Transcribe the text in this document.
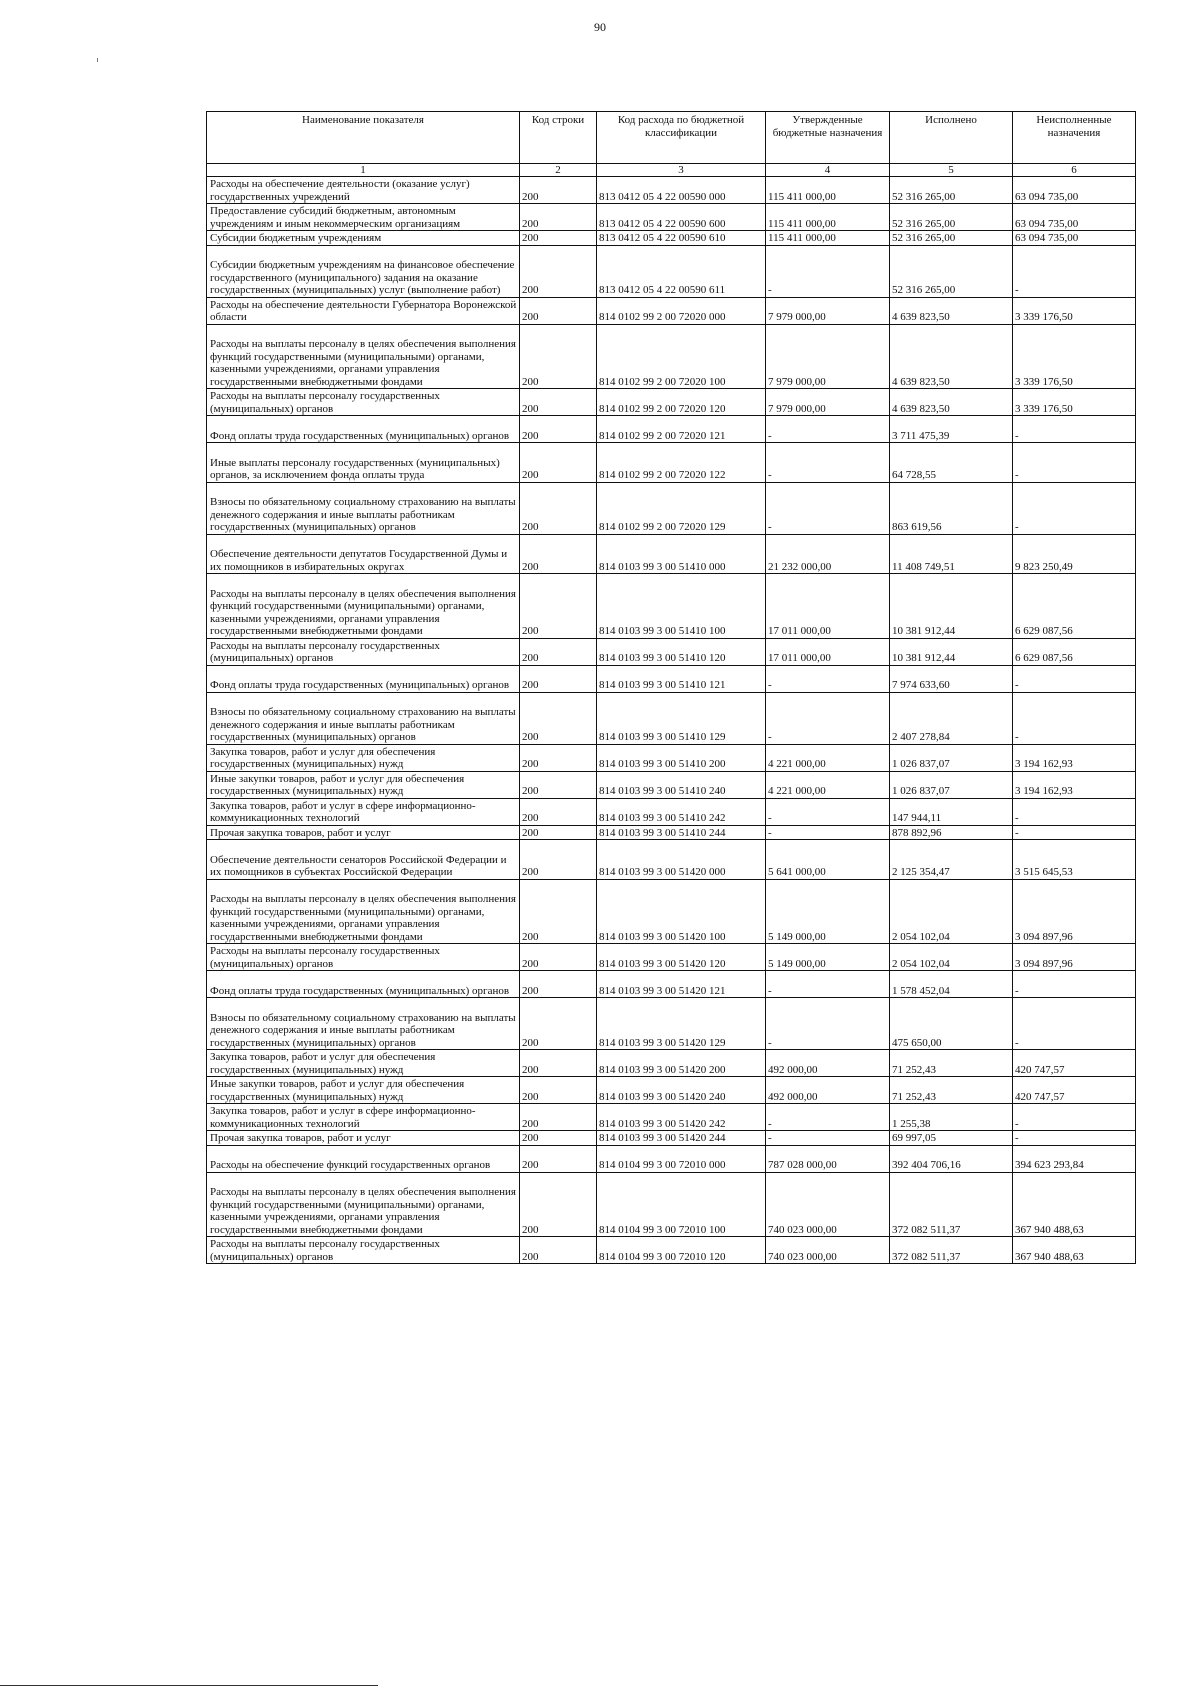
90
Наименование показателя	Код строки	Код расхода по бюджетной классификации	Утвержденные бюджетные назначения	Исполнено	Неисполненные назначения
1	2	3	4	5	6
Расходы на обеспечение деятельности (оказание услуг) государственных учреждений	200	813 0412 05 4 22 00590 000	115 411 000,00	52 316 265,00	63 094 735,00
Предоставление субсидий бюджетным, автономным учреждениям и иным некоммерческим организациям	200	813 0412 05 4 22 00590 600	115 411 000,00	52 316 265,00	63 094 735,00
Субсидии бюджетным учреждениям	200	813 0412 05 4 22 00590 610	115 411 000,00	52 316 265,00	63 094 735,00
Субсидии бюджетным учреждениям на финансовое обеспечение государственного (муниципального) задания на оказание государственных (муниципальных) услуг (выполнение работ)	200	813 0412 05 4 22 00590 611	-	52 316 265,00	-
Расходы на обеспечение деятельности Губернатора Воронежской области	200	814 0102 99 2 00 72020 000	7 979 000,00	4 639 823,50	3 339 176,50
Расходы на выплаты персоналу в целях обеспечения выполнения функций государственными (муниципальными) органами, казенными учреждениями, органами управления государственными внебюджетными фондами	200	814 0102 99 2 00 72020 100	7 979 000,00	4 639 823,50	3 339 176,50
Расходы на выплаты персоналу государственных (муниципальных) органов	200	814 0102 99 2 00 72020 120	7 979 000,00	4 639 823,50	3 339 176,50
Фонд оплаты труда государственных (муниципальных) органов	200	814 0102 99 2 00 72020 121	-	3 711 475,39	-
Иные выплаты персоналу государственных (муниципальных) органов, за исключением фонда оплаты труда	200	814 0102 99 2 00 72020 122	-	64 728,55	-
Взносы по обязательному социальному страхованию на выплаты денежного содержания и иные выплаты работникам государственных (муниципальных) органов	200	814 0102 99 2 00 72020 129	-	863 619,56	-
Обеспечение деятельности депутатов Государственной Думы и их помощников в избирательных округах	200	814 0103 99 3 00 51410 000	21 232 000,00	11 408 749,51	9 823 250,49
Расходы на выплаты персоналу в целях обеспечения выполнения функций государственными (муниципальными) органами, казенными учреждениями, органами управления государственными внебюджетными фондами	200	814 0103 99 3 00 51410 100	17 011 000,00	10 381 912,44	6 629 087,56
Расходы на выплаты персоналу государственных (муниципальных) органов	200	814 0103 99 3 00 51410 120	17 011 000,00	10 381 912,44	6 629 087,56
Фонд оплаты труда государственных (муниципальных) органов	200	814 0103 99 3 00 51410 121	-	7 974 633,60	-
Взносы по обязательному социальному страхованию на выплаты денежного содержания и иные выплаты работникам государственных (муниципальных) органов	200	814 0103 99 3 00 51410 129	-	2 407 278,84	-
Закупка товаров, работ и услуг для обеспечения государственных (муниципальных) нужд	200	814 0103 99 3 00 51410 200	4 221 000,00	1 026 837,07	3 194 162,93
Иные закупки товаров, работ и услуг для обеспечения государственных (муниципальных) нужд	200	814 0103 99 3 00 51410 240	4 221 000,00	1 026 837,07	3 194 162,93
Закупка товаров, работ и услуг в сфере информационно-коммуникационных технологий	200	814 0103 99 3 00 51410 242	-	147 944,11	-
Прочая закупка товаров, работ и услуг	200	814 0103 99 3 00 51410 244	-	878 892,96	-
Обеспечение деятельности сенаторов Российской Федерации и их помощников в субъектах Российской Федерации	200	814 0103 99 3 00 51420 000	5 641 000,00	2 125 354,47	3 515 645,53
Расходы на выплаты персоналу в целях обеспечения выполнения функций государственными (муниципальными) органами, казенными учреждениями, органами управления государственными внебюджетными фондами	200	814 0103 99 3 00 51420 100	5 149 000,00	2 054 102,04	3 094 897,96
Расходы на выплаты персоналу государственных (муниципальных) органов	200	814 0103 99 3 00 51420 120	5 149 000,00	2 054 102,04	3 094 897,96
Фонд оплаты труда государственных (муниципальных) органов	200	814 0103 99 3 00 51420 121	-	1 578 452,04	-
Взносы по обязательному социальному страхованию на выплаты денежного содержания и иные выплаты работникам государственных (муниципальных) органов	200	814 0103 99 3 00 51420 129	-	475 650,00	-
Закупка товаров, работ и услуг для обеспечения государственных (муниципальных) нужд	200	814 0103 99 3 00 51420 200	492 000,00	71 252,43	420 747,57
Иные закупки товаров, работ и услуг для обеспечения государственных (муниципальных) нужд	200	814 0103 99 3 00 51420 240	492 000,00	71 252,43	420 747,57
Закупка товаров, работ и услуг в сфере информационно-коммуникационных технологий	200	814 0103 99 3 00 51420 242	-	1 255,38	-
Прочая закупка товаров, работ и услуг	200	814 0103 99 3 00 51420 244	-	69 997,05	-
Расходы на обеспечение функций государственных органов	200	814 0104 99 3 00 72010 000	787 028 000,00	392 404 706,16	394 623 293,84
Расходы на выплаты персоналу в целях обеспечения выполнения функций государственными (муниципальными) органами, казенными учреждениями, органами управления государственными внебюджетными фондами	200	814 0104 99 3 00 72010 100	740 023 000,00	372 082 511,37	367 940 488,63
Расходы на выплаты персоналу государственных (муниципальных) органов	200	814 0104 99 3 00 72010 120	740 023 000,00	372 082 511,37	367 940 488,63
